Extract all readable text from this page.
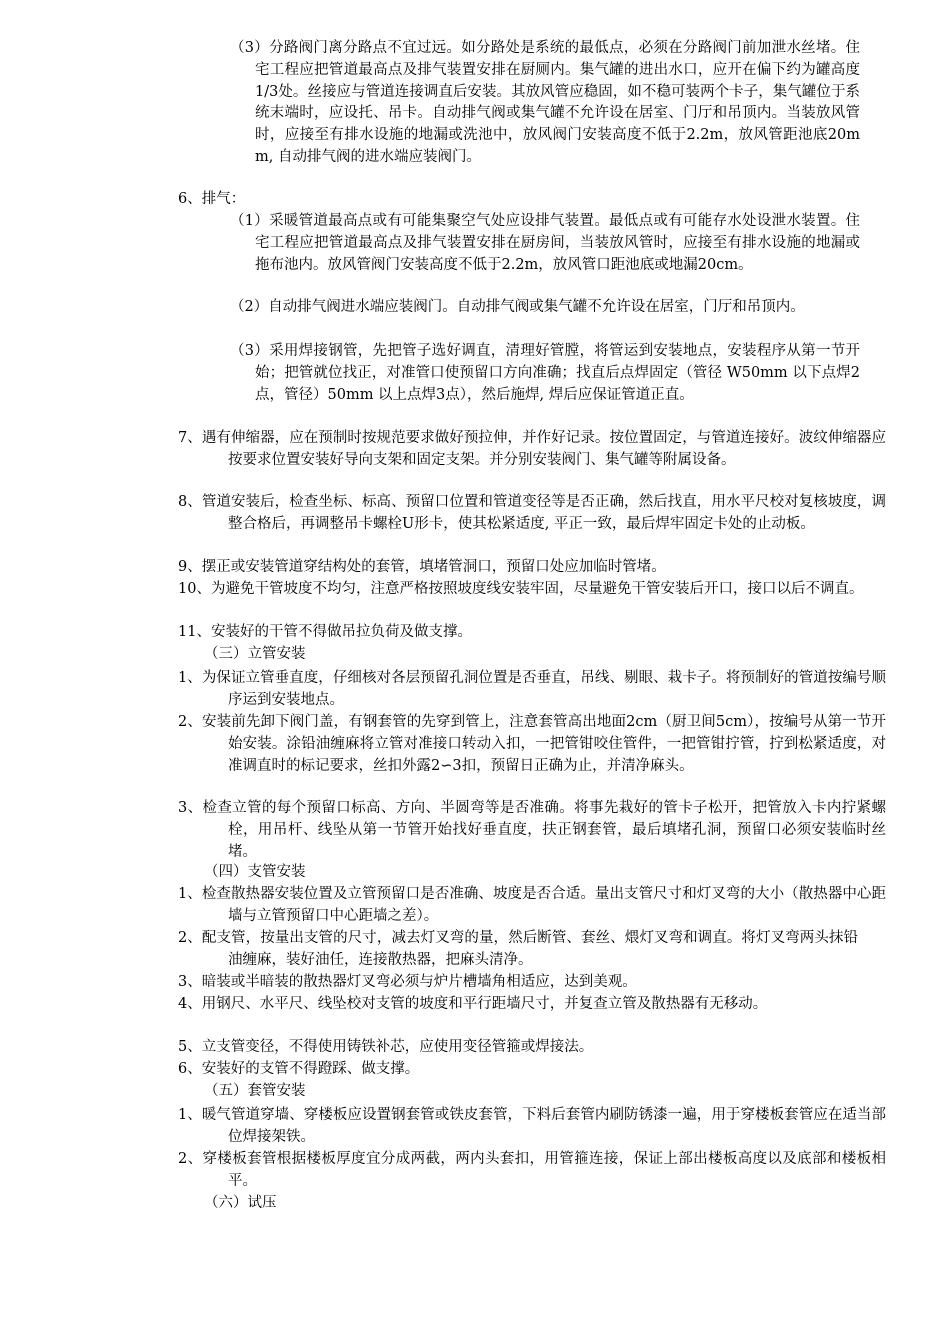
（3）分路阀门离分路点不宜过远。如分路处是系统的最低点，必须在分路阀门前加泄水丝堵。住宅工程应把管道最高点及排气装置安排在厨厕内。集气罐的进出水口，应开在偏下约为罐高度1/3处。丝接应与管道连接调直后安装。其放风管应稳固，如不稳可装两个卡子，集气罐位于系统末端时，应设托、吊卡。自动排气阀或集气罐不允许设在居室、门厅和吊顶内。当装放风管时，应接至有排水设施的地漏或洗池中，放风阀门安装高度不低于2.2m，放风管距池底20mm, 自动排气阀的进水端应装阀门。
6、排气：
（1）采暖管道最高点或有可能集聚空气处应设排气装置。最低点或有可能存水处设泄水装置。住宅工程应把管道最高点及排气装置安排在厨房间，当装放风管时，应接至有排水设施的地漏或拖布池内。放风管阀门安装高度不低于2.2m，放风管口距池底或地漏20cm。
（2）自动排气阀进水端应装阀门。自动排气阀或集气罐不允许设在居室，门厅和吊顶内。
（3）采用焊接钢管，先把管子选好调直，清理好管膛，将管运到安装地点，安装程序从第一节开始；把管就位找正，对准管口使预留口方向准确；找直后点焊固定（管径 W50mm 以下点焊2点，管径）50mm 以上点焊3点），然后施焊, 焊后应保证管道正直。
7、遇有伸缩器，应在预制时按规范要求做好预拉伸，并作好记录。按位置固定，与管道连接好。波纹伸缩器应按要求位置安装好导向支架和固定支架。并分别安装阀门、集气罐等附属设备。
8、管道安装后，检查坐标、标高、预留口位置和管道变径等是否正确，然后找直，用水平尺校对复核坡度，调整合格后，再调整吊卡螺栓U形卡，使其松紧适度, 平正一致，最后焊牢固定卡处的止动板。
9、摆正或安装管道穿结构处的套管，填堵管洞口，预留口处应加临时管堵。
10、为避免干管坡度不均匀，注意严格按照坡度线安装牢固，尽量避免干管安装后开口，接口以后不调直。
11、安装好的干管不得做吊拉负荷及做支撑。
（三）立管安装
1、为保证立管垂直度，仔细核对各层预留孔洞位置是否垂直，吊线、剔眼、栽卡子。将预制好的管道按编号顺序运到安装地点。
2、安装前先卸下阀门盖，有钢套管的先穿到管上，注意套管高出地面2cm（厨卫间5cm），按编号从第一节开始安装。涂铅油缠麻将立管对准接口转动入扣，一把管钳咬住管件，一把管钳拧管，拧到松紧适度，对准调直时的标记要求，丝扣外露2∽3扣，预留日正确为止，并清净麻头。
3、检查立管的每个预留口标高、方向、半圆弯等是否准确。将事先栽好的管卡子松开，把管放入卡内拧紧螺栓，用吊杆、线坠从第一节管开始找好垂直度，扶正钢套管，最后填堵孔洞，预留口必须安装临时丝堵。
（四）支管安装
1、检查散热器安装位置及立管预留口是否准确、坡度是否合适。量出支管尺寸和灯叉弯的大小（散热器中心距墙与立管预留口中心距墙之差）。
2、配支管，按量出支管的尺寸，减去灯叉弯的量，然后断管、套丝、煨灯叉弯和调直。将灯叉弯两头抹铅油缠麻，装好油任，连接散热器，把麻头清净。
3、暗装或半暗装的散热器灯叉弯必须与炉片槽墙角相适应，达到美观。
4、用钢尺、水平尺、线坠校对支管的坡度和平行距墙尺寸，并复查立管及散热器有无移动。
5、立支管变径，不得使用铸铁补芯，应使用变径管箍或焊接法。
6、安装好的支管不得蹬踩、做支撑。
（五）套管安装
1、暖气管道穿墙、穿楼板应设置钢套管或铁皮套管，下料后套管内刷防锈漆一遍，用于穿楼板套管应在适当部位焊接架铁。
2、穿楼板套管根据楼板厚度宜分成两截，两内头套扣，用管箍连接，保证上部出楼板高度以及底部和楼板相平。
（六）试压
